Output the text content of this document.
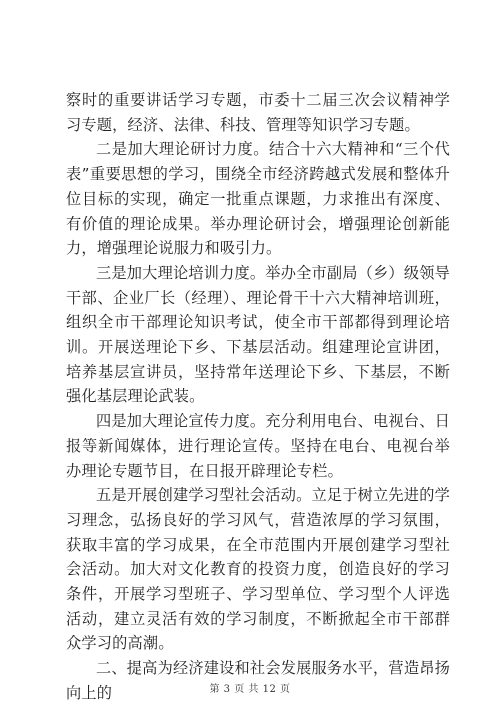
察时的重要讲话学习专题，市委十二届三次会议精神学习专题，经济、法律、科技、管理等知识学习专题。

二是加大理论研讨力度。结合十六大精神和“三个代表”重要思想的学习，围绕全市经济跨越式发展和整体升位目标的实现，确定一批重点课题，力求推出有深度、有价值的理论成果。举办理论研讨会，增强理论创新能力，增强理论说服力和吸引力。

三是加大理论培训力度。举办全市副局（乡）级领导干部、企业厂长（经理）、理论骨干十六大精神培训班，组织全市干部理论知识考试，使全市干部都得到理论培训。开展送理论下乡、下基层活动。组建理论宣讲团，培养基层宣讲员，坚持常年送理论下乡、下基层，不断强化基层理论武装。

四是加大理论宣传力度。充分利用电台、电视台、日报等新闻媒体，进行理论宣传。坚持在电台、电视台举办理论专题节目，在日报开辟理论专栏。

五是开展创建学习型社会活动。立足于树立先进的学习理念，弘扬良好的学习风气，营造浓厚的学习氛围，获取丰富的学习成果，在全市范围内开展创建学习型社会活动。加大对文化教育的投资力度，创造良好的学习条件，开展学习型班子、学习型单位、学习型个人评选活动，建立灵活有效的学习制度，不断掀起全市干部群众学习的高潮。

二、提高为经济建设和社会发展服务水平，营造昂扬向上的	第 3 页 共 12 页
